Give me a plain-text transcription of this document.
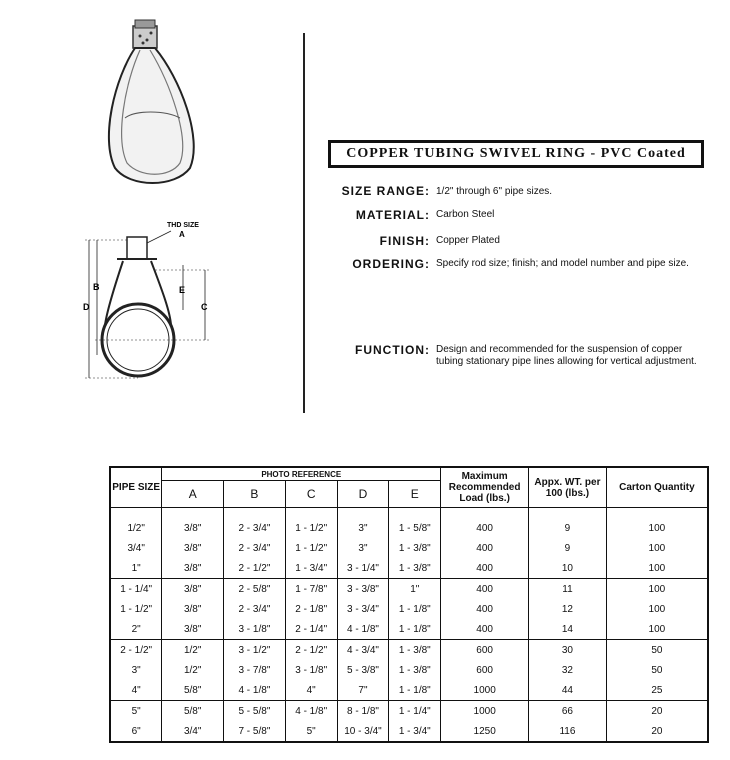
THD SIZE
A
B
C
D
E
COPPER TUBING SWIVEL RING - PVC Coated
SIZE RANGE: 1/2" through 6" pipe sizes.
MATERIAL: Carbon Steel
FINISH: Copper Plated
ORDERING: Specify rod size; finish; and model number and pipe size.
FUNCTION: Design and recommended for the suspension of copper tubing stationary pipe lines allowing for vertical adjustment.
PIPE SIZE	PHOTO REFERENCE					Maximum Recommended Load (lbs.)	Appx. WT. per 100 (lbs.)	Carton Quantity
	A	B	C	D	E			
1/2"	3/8"	2 - 3/4"	1 - 1/2"	3"	1 - 5/8"	400	9	100
3/4"	3/8"	2 - 3/4"	1 - 1/2"	3"	1 - 3/8"	400	9	100
1"	3/8"	2 - 1/2"	1 - 3/4"	3 - 1/4"	1 - 3/8"	400	10	100
1 - 1/4"	3/8"	2 - 5/8"	1 - 7/8"	3 - 3/8"	1"	400	11	100
1 - 1/2"	3/8"	2 - 3/4"	2 - 1/8"	3 - 3/4"	1 - 1/8"	400	12	100
2"	3/8"	3 - 1/8"	2 - 1/4"	4 - 1/8"	1 - 1/8"	400	14	100
2 - 1/2"	1/2"	3 - 1/2"	2 - 1/2"	4 - 3/4"	1 - 3/8"	600	30	50
3"	1/2"	3 - 7/8"	3 - 1/8"	5 - 3/8"	1 - 3/8"	600	32	50
4"	5/8"	4 - 1/8"	4"	7"	1 - 1/8"	1000	44	25
5"	5/8"	5 - 5/8"	4 - 1/8"	8 - 1/8"	1 - 1/4"	1000	66	20
6"	3/4"	7 - 5/8"	5"	10 - 3/4"	1 - 3/4"	1250	116	20
